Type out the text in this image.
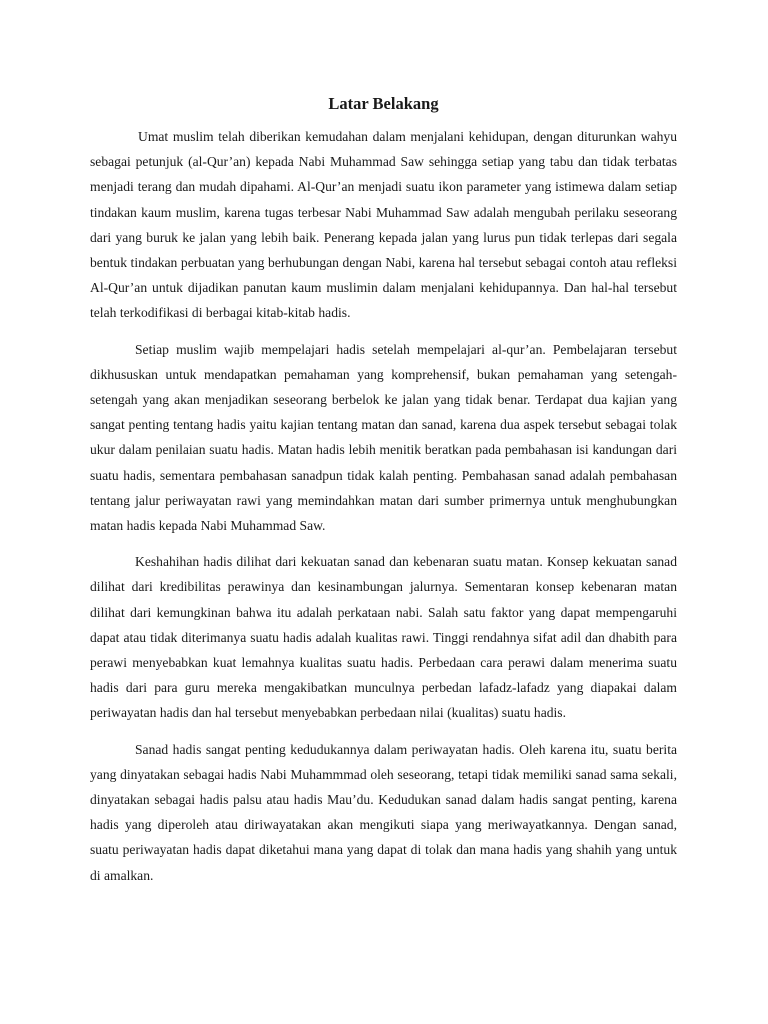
Latar Belakang

Umat muslim telah diberikan kemudahan dalam menjalani kehidupan, dengan diturunkan wahyu sebagai petunjuk (al-Qur’an) kepada Nabi Muhammad Saw sehingga setiap yang tabu dan tidak terbatas menjadi terang dan mudah dipahami. Al-Qur’an menjadi suatu ikon parameter yang istimewa dalam setiap tindakan kaum muslim, karena tugas terbesar Nabi Muhammad Saw adalah mengubah perilaku seseorang dari yang buruk ke jalan yang lebih baik. Penerang kepada jalan yang lurus pun tidak terlepas dari segala bentuk tindakan perbuatan yang berhubungan dengan Nabi, karena hal tersebut sebagai contoh atau refleksi Al-Qur’an untuk dijadikan panutan kaum muslimin dalam menjalani kehidupannya. Dan hal-hal tersebut telah terkodifikasi di berbagai kitab-kitab hadis.

Setiap muslim wajib mempelajari hadis setelah mempelajari al-qur’an. Pembelajaran tersebut dikhususkan untuk mendapatkan pemahaman yang komprehensif, bukan pemahaman yang setengah-setengah yang akan menjadikan seseorang berbelok ke jalan yang tidak benar. Terdapat dua kajian yang sangat penting tentang hadis yaitu kajian tentang matan dan sanad, karena dua aspek tersebut sebagai tolak ukur dalam penilaian suatu hadis. Matan hadis lebih menitik beratkan pada pembahasan isi kandungan dari suatu hadis, sementara pembahasan sanadpun tidak kalah penting. Pembahasan sanad adalah pembahasan tentang jalur periwayatan rawi yang memindahkan matan dari sumber primernya untuk menghubungkan matan hadis kepada Nabi Muhammad Saw.

Keshahihan hadis dilihat dari kekuatan sanad dan kebenaran suatu matan. Konsep kekuatan sanad dilihat dari kredibilitas perawinya dan kesinambungan jalurnya. Sementaran konsep kebenaran matan dilihat dari kemungkinan bahwa itu adalah perkataan nabi. Salah satu faktor yang dapat mempengaruhi dapat atau tidak diterimanya suatu hadis adalah kualitas rawi. Tinggi rendahnya sifat adil dan dhabith para perawi menyebabkan kuat lemahnya kualitas suatu hadis. Perbedaan cara perawi dalam menerima suatu hadis dari para guru mereka mengakibatkan munculnya perbedan lafadz-lafadz yang diapakai dalam periwayatan hadis dan hal tersebut menyebabkan perbedaan nilai (kualitas) suatu hadis.

Sanad hadis sangat penting kedudukannya dalam periwayatan hadis. Oleh karena itu, suatu berita yang dinyatakan sebagai hadis Nabi Muhammmad oleh seseorang, tetapi tidak memiliki sanad sama sekali, dinyatakan sebagai hadis palsu atau hadis Mau’du. Kedudukan sanad dalam hadis sangat penting, karena hadis yang diperoleh atau diriwayatakan akan mengikuti siapa yang meriwayatkannya. Dengan sanad, suatu periwayatan hadis dapat diketahui mana yang dapat di tolak dan mana hadis yang shahih yang untuk di amalkan.
